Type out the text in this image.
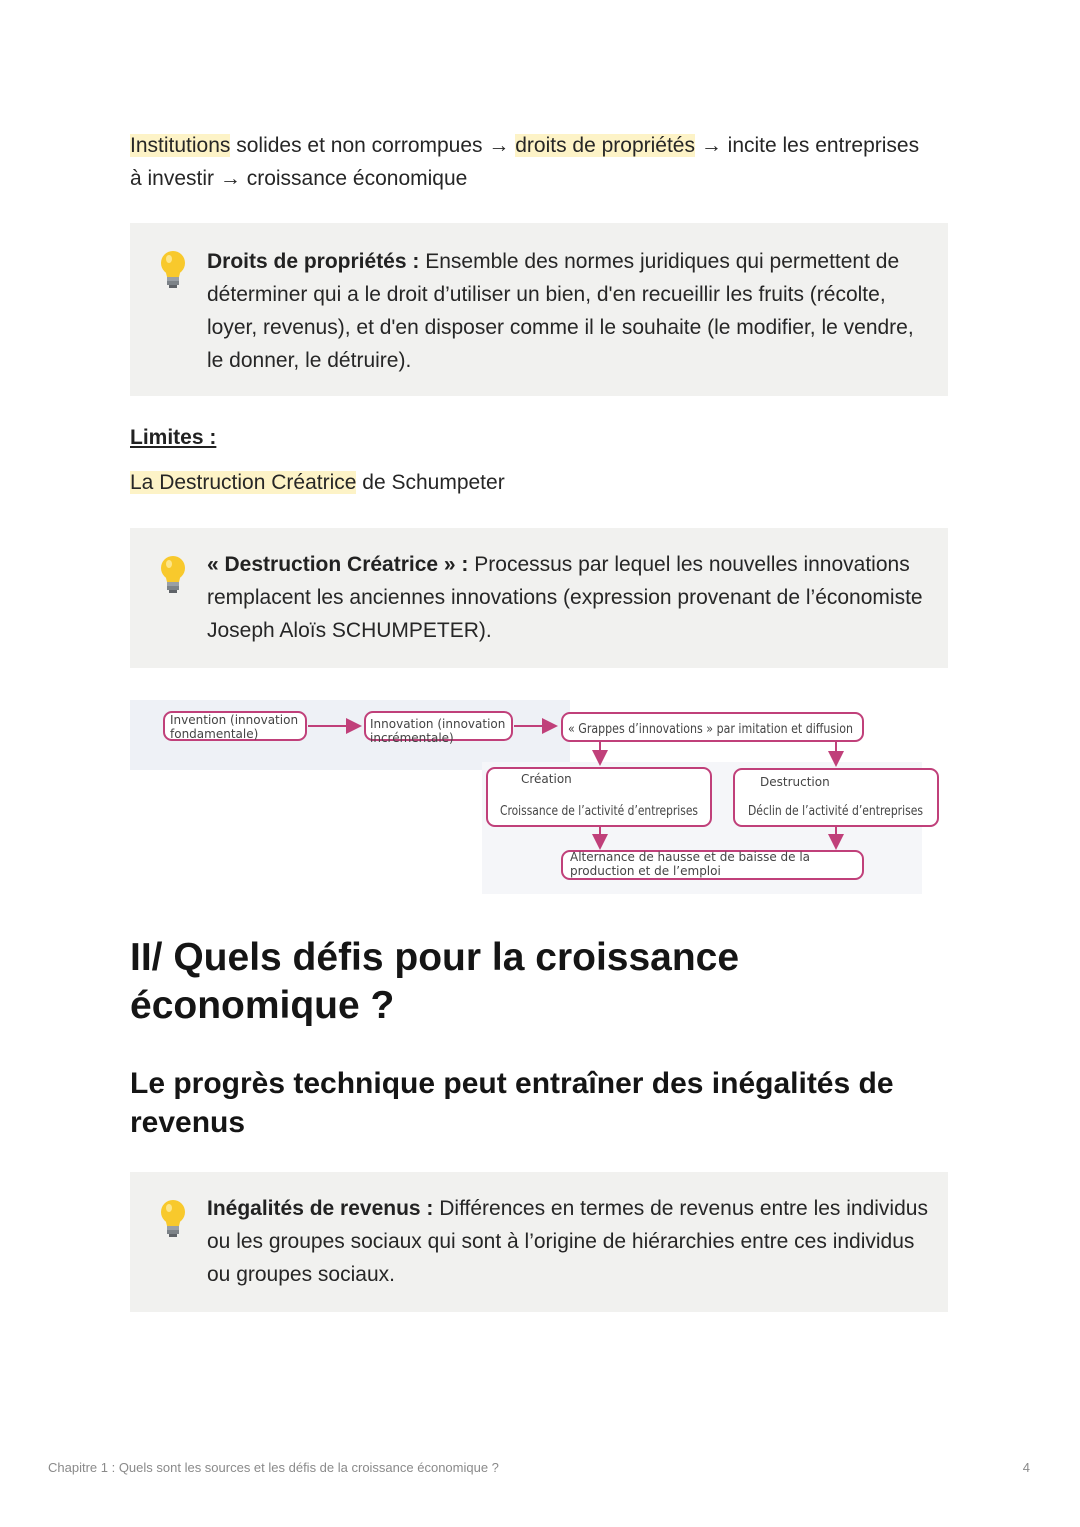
Institutions solides et non corrompues → droits de propriétés → incite les entreprises
à investir → croissance économique
Droits de propriétés : Ensemble des normes juridiques qui permettent de déterminer qui a le droit d’utiliser un bien, d'en recueillir les fruits (récolte, loyer, revenus), et d'en disposer comme il le souhaite (le modifier, le vendre, le donner, le détruire).
Limites :
La Destruction Créatrice de Schumpeter
« Destruction Créatrice » : Processus par lequel les nouvelles innovations remplacent les anciennes innovations (expression provenant de l’économiste Joseph Aloïs SCHUMPETER).
Invention (innovation
fondamentale)
Innovation (innovation
incrémentale)
« Grappes d’innovations » par imitation et diffusion
Création
Croissance de l’activité d’entreprises
Destruction
Déclin de l’activité d’entreprises
Alternance de hausse et de baisse de la
production et de l’emploi
II/ Quels défis pour la croissance économique ?
Le progrès technique peut entraîner des inégalités de revenus
Inégalités de revenus : Différences en termes de revenus entre les individus ou les groupes sociaux qui sont à l’origine de hiérarchies entre ces individus ou groupes sociaux.
Chapitre 1 : Quels sont les sources et les défis de la croissance économique ?	4
